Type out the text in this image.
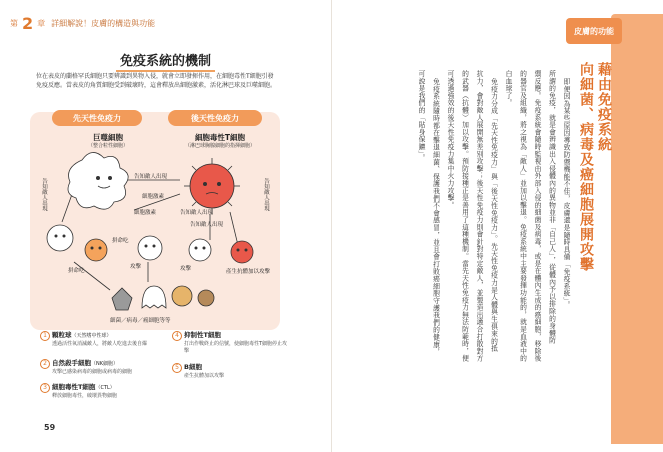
第 2 章 詳細解說！皮膚的構造與功能
免疫系統的機制
位在表皮的蘭格罕氏細胞只要辨識到異物入侵，就會立即發揮作用，在細胞毒性T細胞引發免疫反應。當表皮的角質細胞受到破壞時，這會釋放出細胞激素，活化淋巴球及巨噬細胞。
先天性免疫力	後天性免疫力
巨噬細胞
（整合粒性細胞）
細胞毒性T細胞
（淋巴球胸腺細胞的指揮細胞）
告知敵人出現
細胞激素
細胞激素	告知敵人出現
告知敵人出現
告知敵人出現	告知敵人出現
拼命吃
拼命吃
攻擊	攻擊	產生抗體加以攻擊
細菌／病毒／癌細胞等等
1 顆粒球（天然嗜中性球）
透過活性氧消滅敵人，將敵人吃進去後自爆
2 自然殺手細胞（NK細胞）
攻擊已感染病毒的細胞或病毒的細胞
3 細胞毒性T細胞（CTL）
釋放細胞毒性，破壞異物細胞
4 抑制性T細胞
打出作戰終止的信號，使細胞毒性T細胞停止攻擊
5 B細胞
產生抗體加以攻擊
59
皮膚的功能
藉由免疫系統
向細菌、病毒及癌細胞展開攻擊
即便因為某些原因導致防禦機能不佳，皮膚還是隨時具備「免疫系統」。
所謂的免疫，就是會辨識出入侵體內的異物並非「自己人」，從體內予以排除的身體防
禦反應。免疫系統會隨時監視由外部入侵的細菌及病毒，或是在體內生成的癌細胞，移除後
的器官及組織，將之視為「敵人」並加以擊退。免疫系統中主要發揮功能的，就是血液中的
白血球了。
免疫力分成「先天性免疫力」與「後天性免疫力」。先天性免疫力是人體與生俱來的抵
抗力，會對敵人展開無差別攻擊；後天性免疫力則會針對特定敵人，並製造出適合打散對方
的武器（抗體）加以攻擊。預防接種正是善用了這種機制。當先天性免疫力無法防範時，便
可透過強效的後天性免疫力集中火力攻擊。
免疫系統隨時都在擊退細菌、保護我們不會感冒，並且會打敗癌細胞守護我們的健康，
可說是我們的「貼身保鑣」。
